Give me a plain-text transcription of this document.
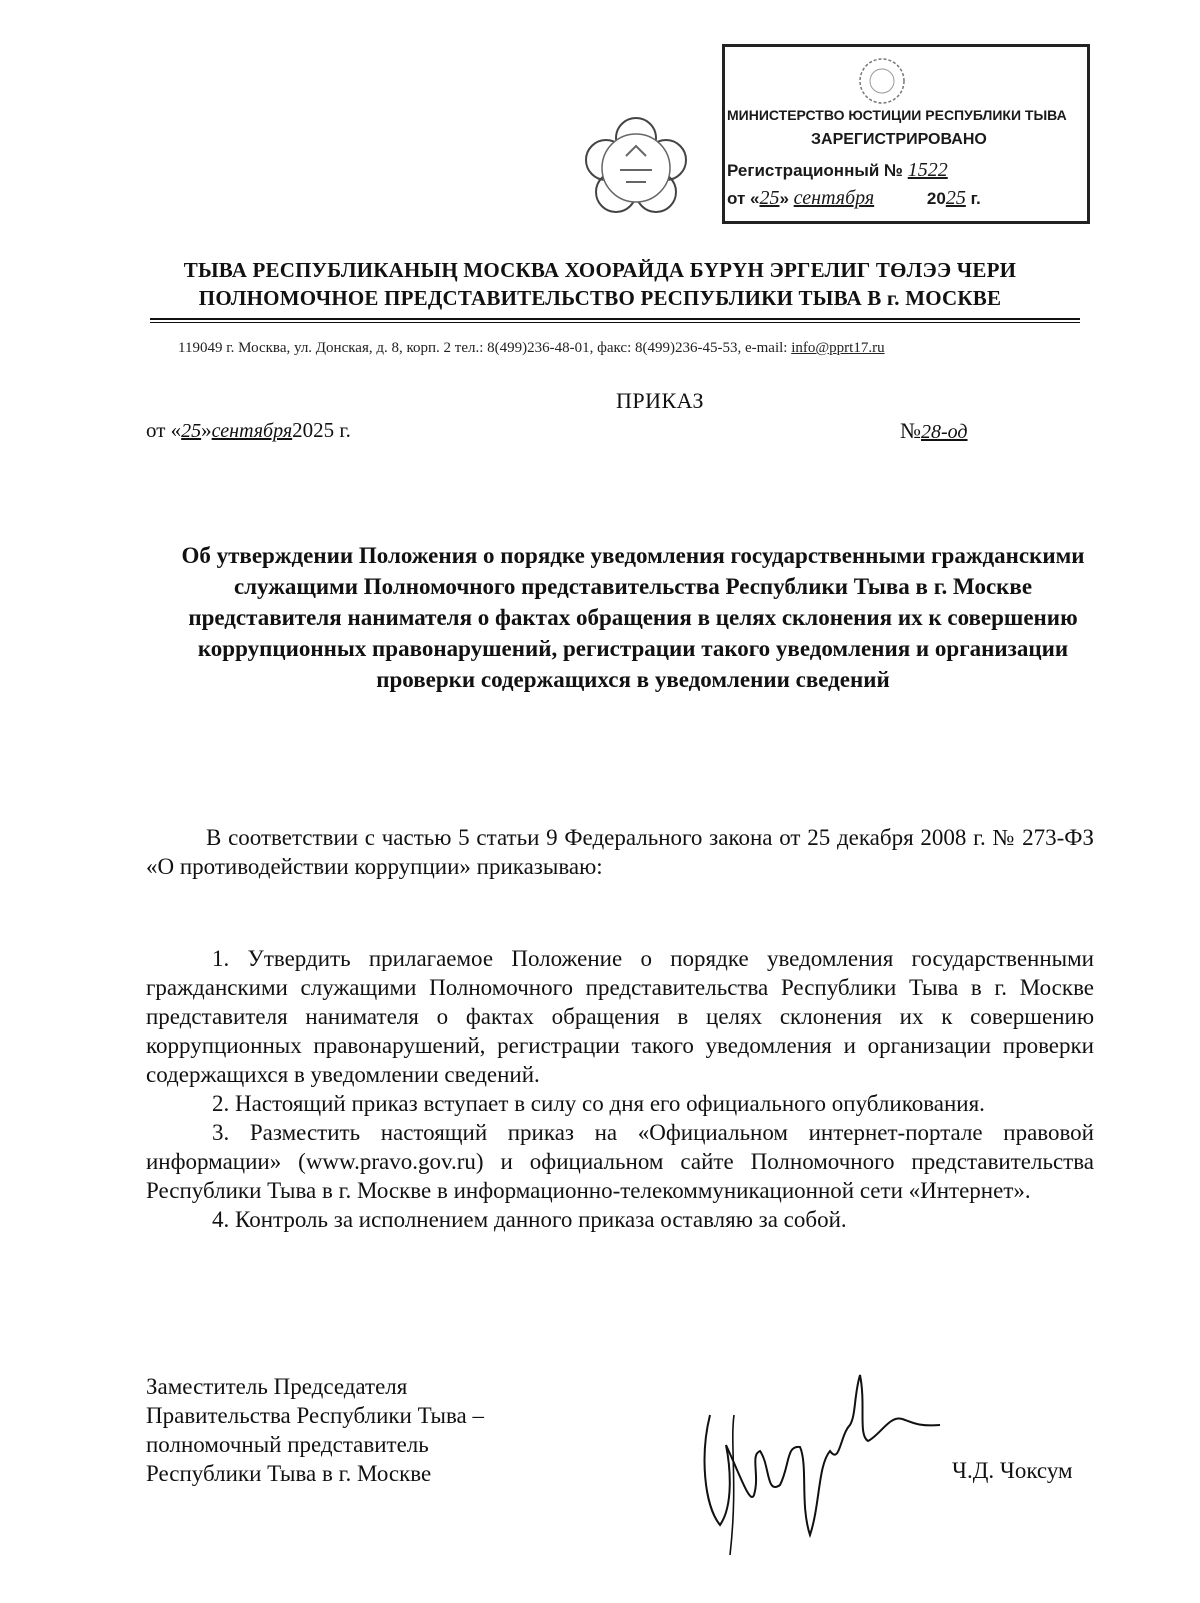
МИНИСТЕРСТВО ЮСТИЦИИ РЕСПУБЛИКИ ТЫВА
ЗАРЕГИСТРИРОВАНО
Регистрационный № 1522
от «25» сентября	2025 г.
ТЫВА РЕСПУБЛИКАНЫҢ МОСКВА ХООРАЙДА БҮРҮН ЭРГЕЛИГ ТӨЛЭЭ ЧЕРИ
ПОЛНОМОЧНОЕ ПРЕДСТАВИТЕЛЬСТВО РЕСПУБЛИКИ ТЫВА В г. МОСКВЕ
119049 г. Москва, ул. Донская, д. 8, корп. 2 тел.: 8(499)236-48-01, факс: 8(499)236-45-53, e-mail: info@pprt17.ru
ПРИКАЗ
от «25»сентября2025 г.	№28-од
Об утверждении Положения о порядке уведомления государственными гражданскими служащими Полномочного представительства Республики Тыва в г. Москве представителя нанимателя о фактах обращения в целях склонения их к совершению коррупционных правонарушений, регистрации такого уведомления и организации проверки содержащихся в уведомлении сведений
В соответствии с частью 5 статьи 9 Федерального закона от 25 декабря 2008 г. № 273-ФЗ «О противодействии коррупции» приказываю:

1. Утвердить прилагаемое Положение о порядке уведомления государственными гражданскими служащими Полномочного представительства Республики Тыва в г. Москве представителя нанимателя о фактах обращения в целях склонения их к совершению коррупционных правонарушений, регистрации такого уведомления и организации проверки содержащихся в уведомлении сведений.

2. Настоящий приказ вступает в силу со дня его официального опубликования.

3. Разместить настоящий приказ на «Официальном интернет-портале правовой информации» (www.pravo.gov.ru) и официальном сайте Полномочного представительства Республики Тыва в г. Москве в информационно-телекоммуникационной сети «Интернет».

4. Контроль за исполнением данного приказа оставляю за собой.

Заместитель Председателя
Правительства Республики Тыва –
полномочный представитель
Республики Тыва в г. Москве	Ч.Д. Чоксум
